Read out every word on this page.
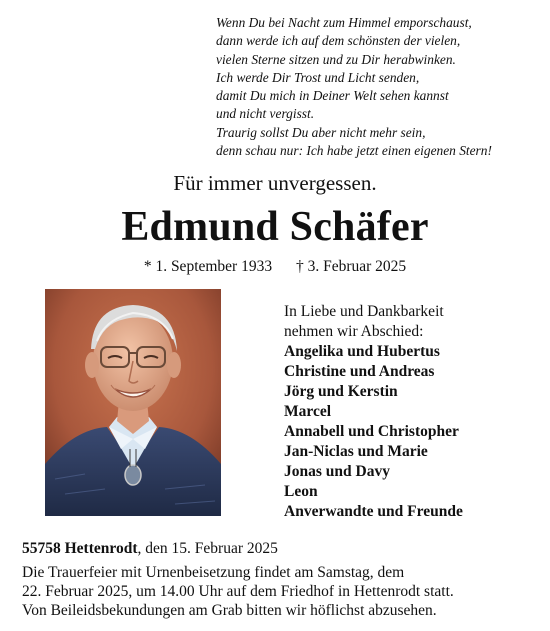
Wenn Du bei Nacht zum Himmel emporschaust,
dann werde ich auf dem schönsten der vielen,
vielen Sterne sitzen und zu Dir herabwinken.
Ich werde Dir Trost und Licht senden,
damit Du mich in Deiner Welt sehen kannst
und nicht vergisst.
Traurig sollst Du aber nicht mehr sein,
denn schau nur: Ich habe jetzt einen eigenen Stern!
Für immer unvergessen.
Edmund Schäfer
* 1. September 1933 † 3. Februar 2025
In Liebe und Dankbarkeit
nehmen wir Abschied:
Angelika und Hubertus
Christine und Andreas
Jörg und Kerstin
Marcel
Annabell und Christopher
Jan-Niclas und Marie
Jonas und Davy
Leon
Anverwandte und Freunde
55758 Hettenrodt, den 15. Februar 2025
Die Trauerfeier mit Urnenbeisetzung findet am Samstag, dem
22. Februar 2025, um 14.00 Uhr auf dem Friedhof in Hettenrodt statt.
Von Beileidsbekundungen am Grab bitten wir höflichst abzusehen.
